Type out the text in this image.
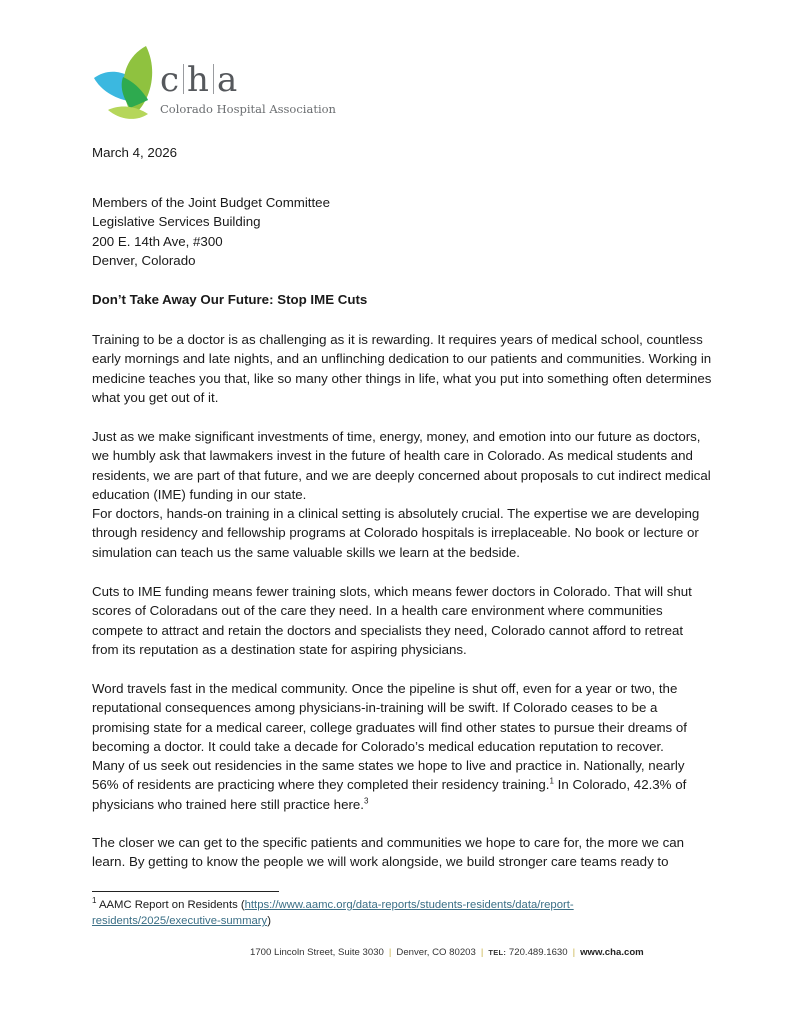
c h a
Colorado Hospital Association
March 4, 2026
Members of the Joint Budget Committee
Legislative Services Building
200 E. 14th Ave, #300
Denver, Colorado
Don’t Take Away Our Future: Stop IME Cuts
Training to be a doctor is as challenging as it is rewarding. It requires years of medical school, countless early mornings and late nights, and an unflinching dedication to our patients and communities. Working in medicine teaches you that, like so many other things in life, what you put into something often determines what you get out of it.
Just as we make significant investments of time, energy, money, and emotion into our future as doctors, we humbly ask that lawmakers invest in the future of health care in Colorado. As medical students and residents, we are part of that future, and we are deeply concerned about proposals to cut indirect medical education (IME) funding in our state.
For doctors, hands-on training in a clinical setting is absolutely crucial. The expertise we are developing through residency and fellowship programs at Colorado hospitals is irreplaceable. No book or lecture or simulation can teach us the same valuable skills we learn at the bedside.
Cuts to IME funding means fewer training slots, which means fewer doctors in Colorado. That will shut scores of Coloradans out of the care they need. In a health care environment where communities compete to attract and retain the doctors and specialists they need, Colorado cannot afford to retreat from its reputation as a destination state for aspiring physicians.
Word travels fast in the medical community. Once the pipeline is shut off, even for a year or two, the reputational consequences among physicians-in-training will be swift. If Colorado ceases to be a promising state for a medical career, college graduates will find other states to pursue their dreams of becoming a doctor. It could take a decade for Colorado’s medical education reputation to recover.
Many of us seek out residencies in the same states we hope to live and practice in. Nationally, nearly 56% of residents are practicing where they completed their residency training.$^1$ In Colorado, 42.3% of physicians who trained here still practice here.$^3$
The closer we can get to the specific patients and communities we hope to care for, the more we can learn. By getting to know the people we will work alongside, we build stronger care teams ready to
$^1$ AAMC Report on Residents (https://www.aamc.org/data-reports/students-residents/data/report-residents/2025/executive-summary)
1700 Lincoln Street, Suite 3030 | Denver, CO 80203 | TEL: 720.489.1630 | www.cha.com
